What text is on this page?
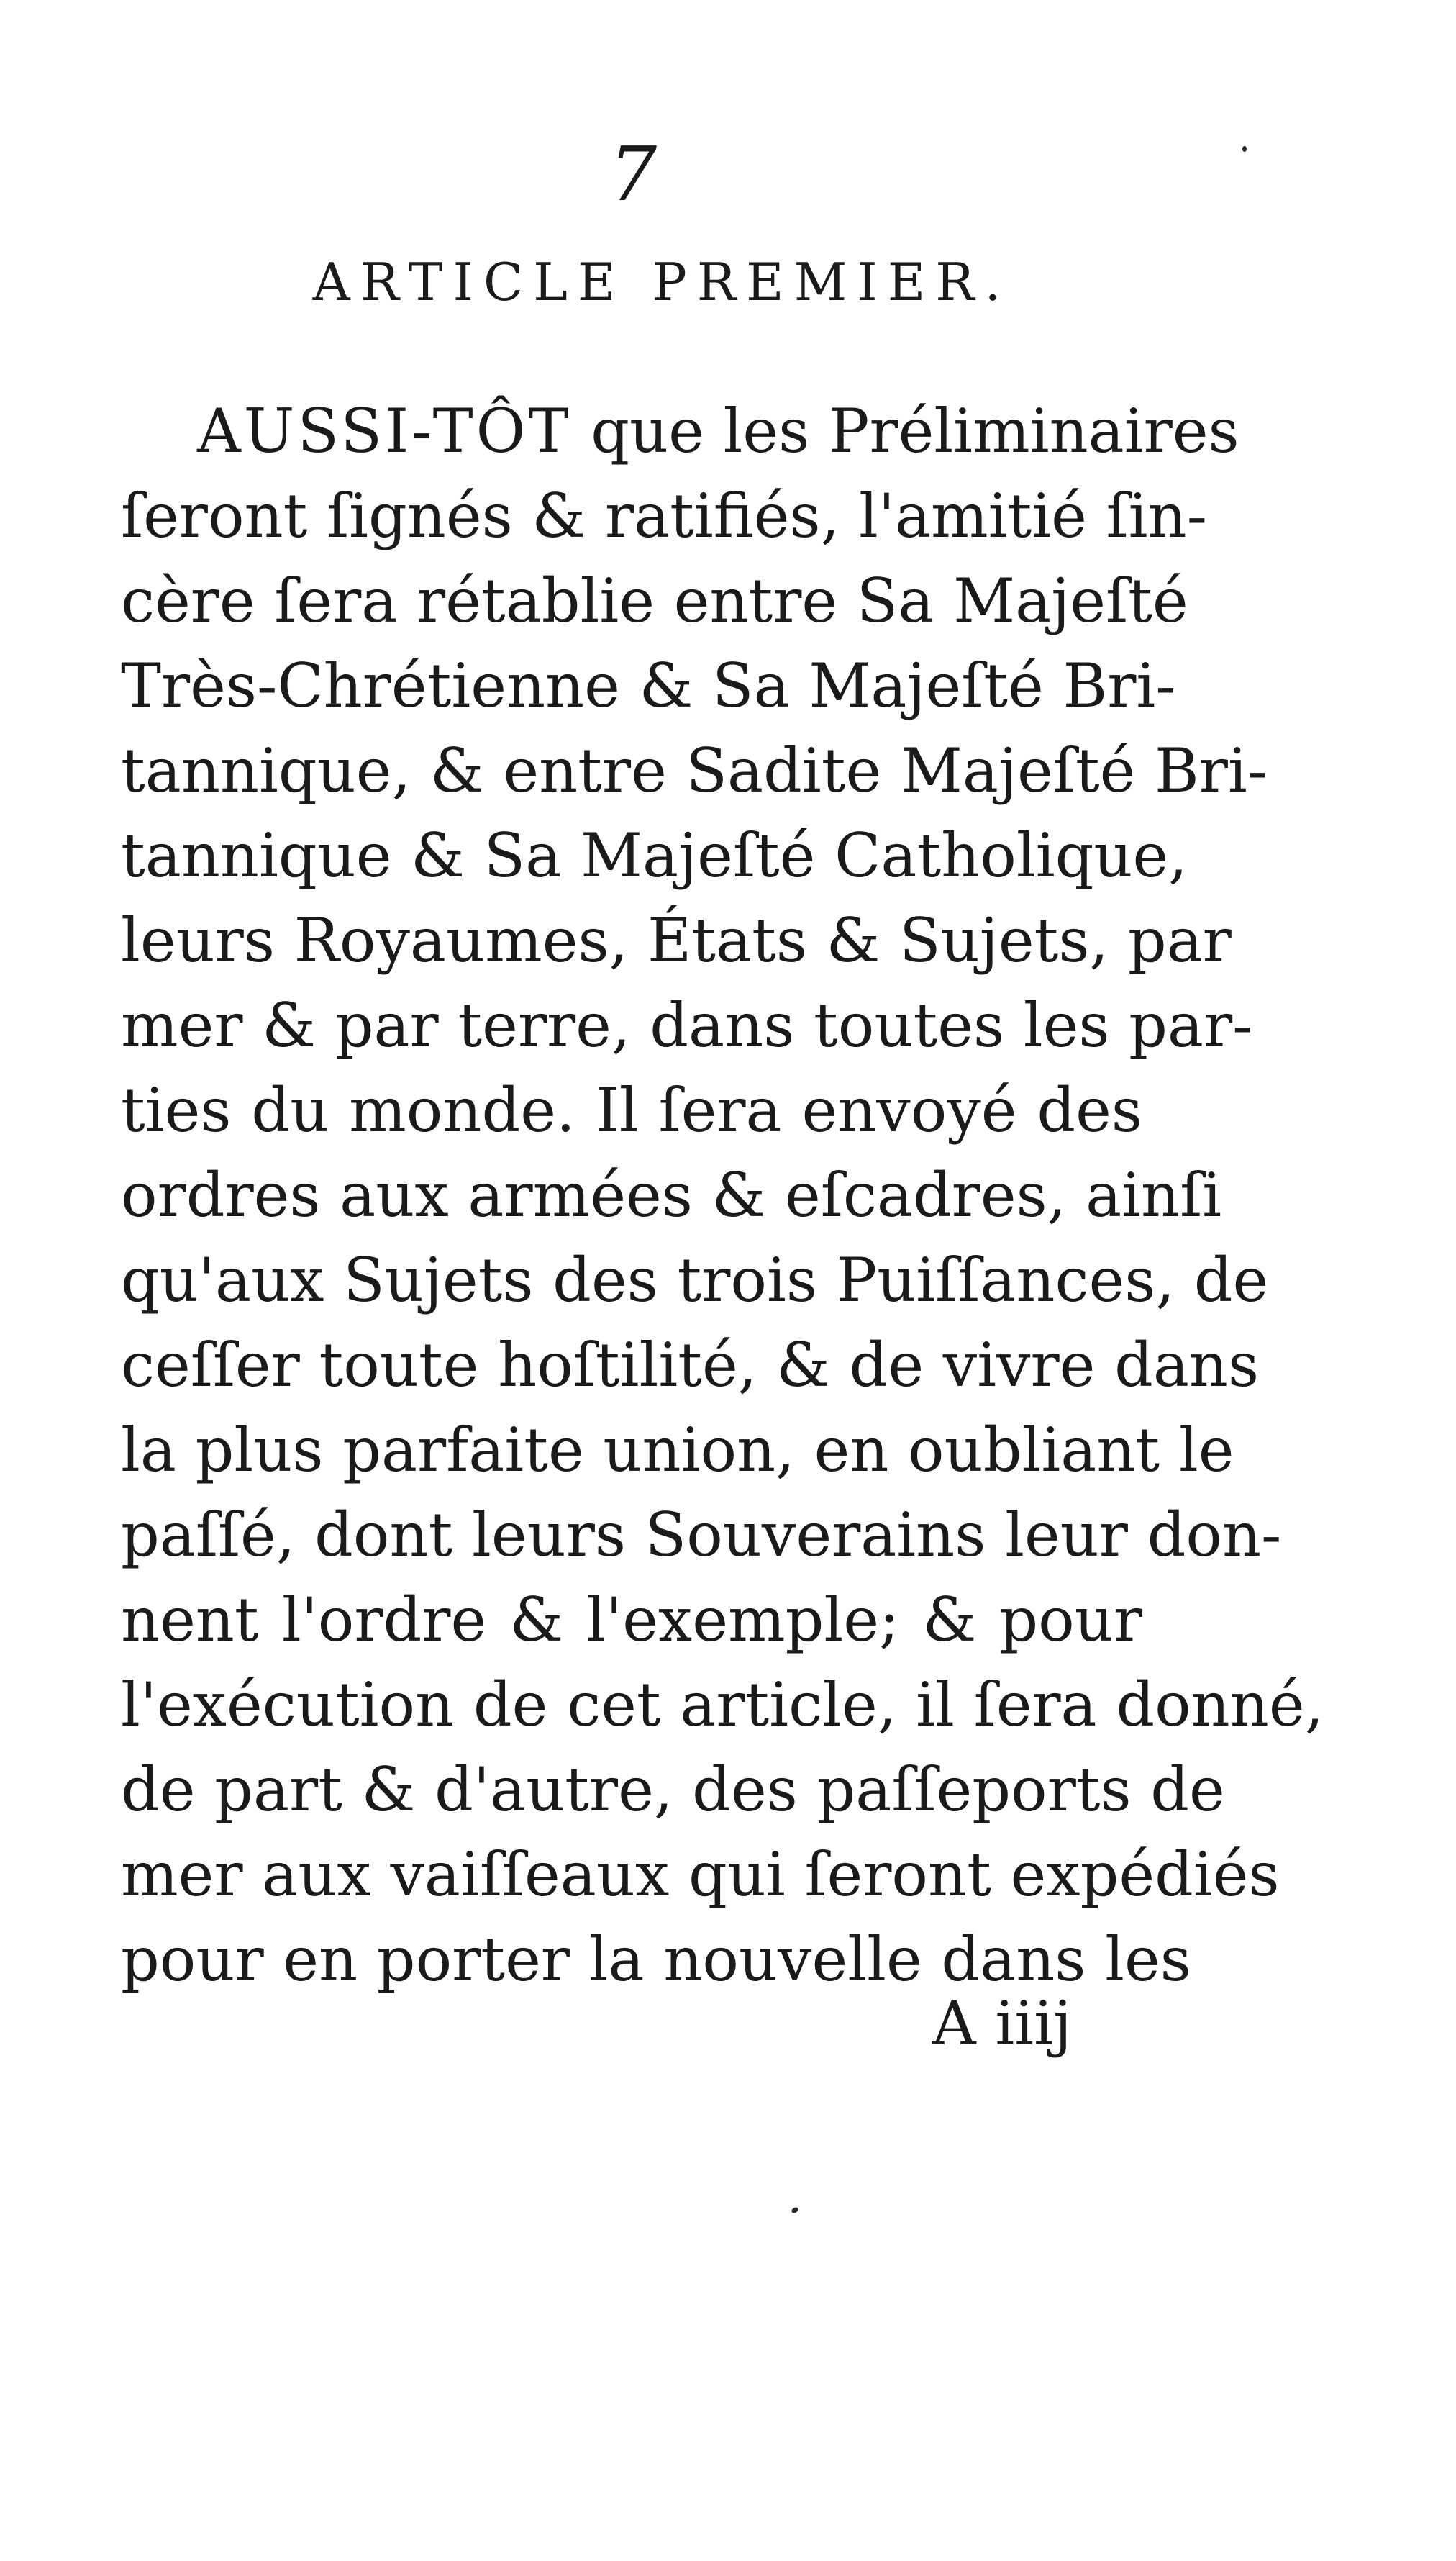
7
ARTICLE PREMIER.
AUSSI-TÔT que les Préliminaires
ſeront ſignés & ratifiés, l'amitié ſin-
cère ſera rétablie entre Sa Majeſté
Très-Chrétienne & Sa Majeſté Bri-
tannique, & entre Sadite Majeſté Bri-
tannique & Sa Majeſté Catholique,
leurs Royaumes, États & Sujets, par
mer & par terre, dans toutes les par-
ties du monde. Il ſera envoyé des
ordres aux armées & eſcadres, ainſi
qu'aux Sujets des trois Puiſſances, de
ceſſer toute hoſtilité, & de vivre dans
la plus parfaite union, en oubliant le
paſſé, dont leurs Souverains leur don-
nent l'ordre & l'exemple; & pour
l'exécution de cet article, il ſera donné,
de part & d'autre, des paſſeports de
mer aux vaiſſeaux qui ſeront expédiés
pour en porter la nouvelle dans les
A iiij
